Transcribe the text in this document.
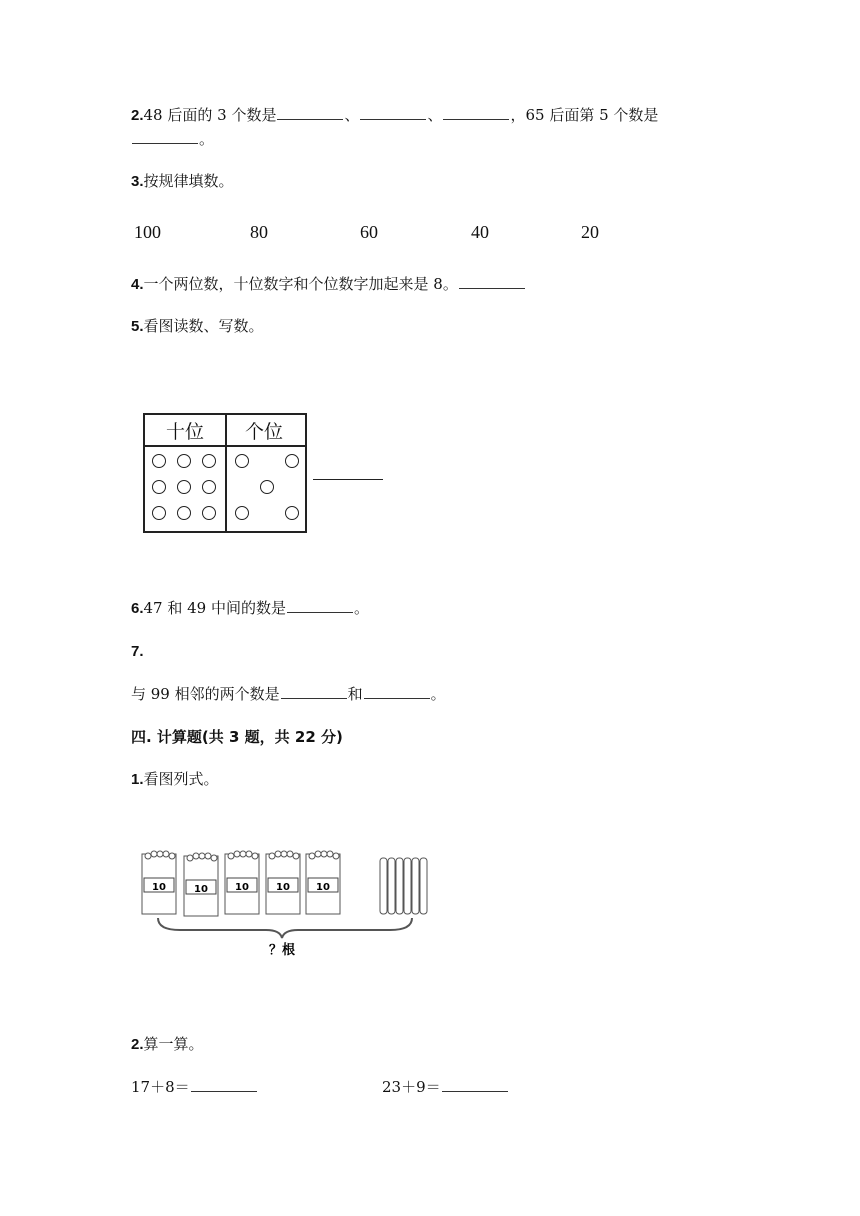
2.48 后面的 3 个数是	、	、	，65 后面第 5 个数是
。
3.按规律填数。
100	80	60	40	20
4.一个两位数，十位数字和个位数字加起来是 8。
5.看图读数、写数。
十位 个位
6.47 和 49 中间的数是	。
7.
与 99 相邻的两个数是	和	。
四. 计算题(共 3 题，共 22 分)
1.看图列式。
10	10	10	10	10
？根
2.算一算。
17＋8＝	23＋9＝
